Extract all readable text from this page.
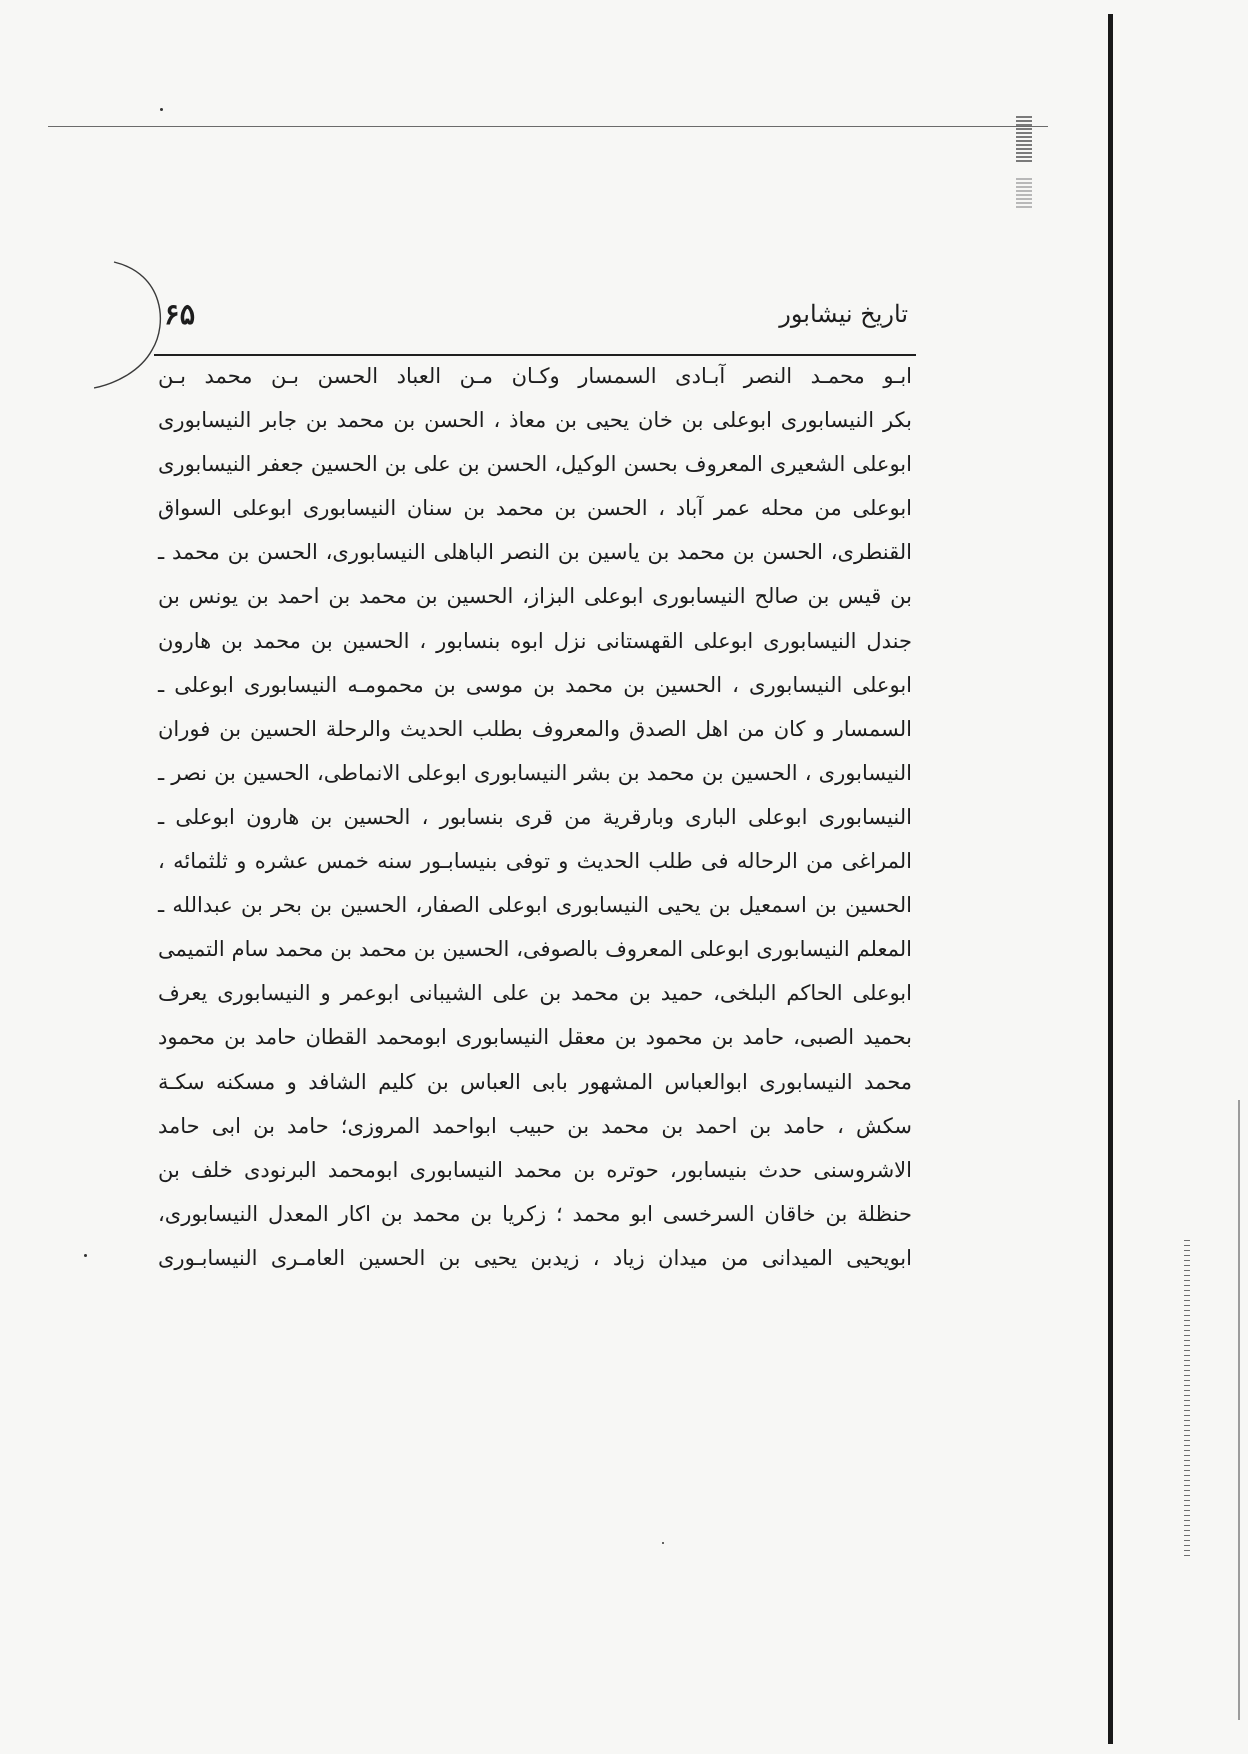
تاریخ نیشابور
۶۵
ابـو محمـد النصر آبـادی السمسار وکـان مـن العباد الحسن بـن محمد بـن
بکر النیسابوری ابوعلی بن خان یحیی بن معاذ ، الحسن بن محمد بن جابر النیسابوری
ابوعلی الشعیری المعروف بحسن الوکیل، الحسن بن علی بن الحسین جعفر النیسابوری
ابوعلی من محله عمر آباد ، الحسن بن محمد بن سنان النیسابوری ابوعلی السواق
القنطری، الحسن بن محمد بن یاسین بن النصر الباهلی النیسابوری، الحسن بن محمد ـ
بن قیس بن صالح النیسابوری ابوعلی البزاز، الحسین بن محمد بن احمد بن یونس بن
جندل النیسابوری ابوعلی القهستانی نزل ابوه بنسابور ، الحسین بن محمد بن هارون
ابوعلی النیسابوری ، الحسین بن محمد بن موسی بن محمومـه النیسابوری ابوعلی ـ
السمسار و کان من اهل الصدق والمعروف بطلب الحدیث والرحلة الحسین بن فوران
النیسابوری ، الحسین بن محمد بن بشر النیسابوری ابوعلی الانماطی، الحسین بن نصر ـ
النیسابوری ابوعلی الباری وبارقریة من قری بنسابور ، الحسین بن هارون ابوعلی ـ
المراغی من الرحاله فی طلب الحدیث و توفی بنیسابـور سنه خمس عشره و ثلثمائه ،
الحسین بن اسمعیل بن یحیی النیسابوری ابوعلی الصفار، الحسین بن بحر بن عبدالله ـ
المعلم النیسابوری ابوعلی المعروف بالصوفی، الحسین بن محمد بن محمد سام التمیمی
ابوعلی الحاکم البلخی، حمید بن محمد بن علی الشیبانی ابوعمر و النیسابوری یعرف
بحمید الصبی، حامد بن محمود بن معقل النیسابوری ابومحمد القطان حامد بن محمود
محمد النیسابوری ابوالعباس المشهور بابی العباس بن کلیم الشافد و مسکنه سکـة
سکش ، حامد بن احمد بن محمد بن حبیب ابواحمد المروزی؛ حامد بن ابی حامد
الاشروسنی حدث بنیسابور، حوتره بن محمد النیسابوری ابومحمد البرنودی خلف بن
حنظلة بن خاقان السرخسی ابو محمد ؛ زکریا بن محمد بن اکار المعدل النیسابوری،
ابویحیی المیدانی من میدان زیاد ، زیدبن یحیی بن الحسین العامـری النیسابـوری
